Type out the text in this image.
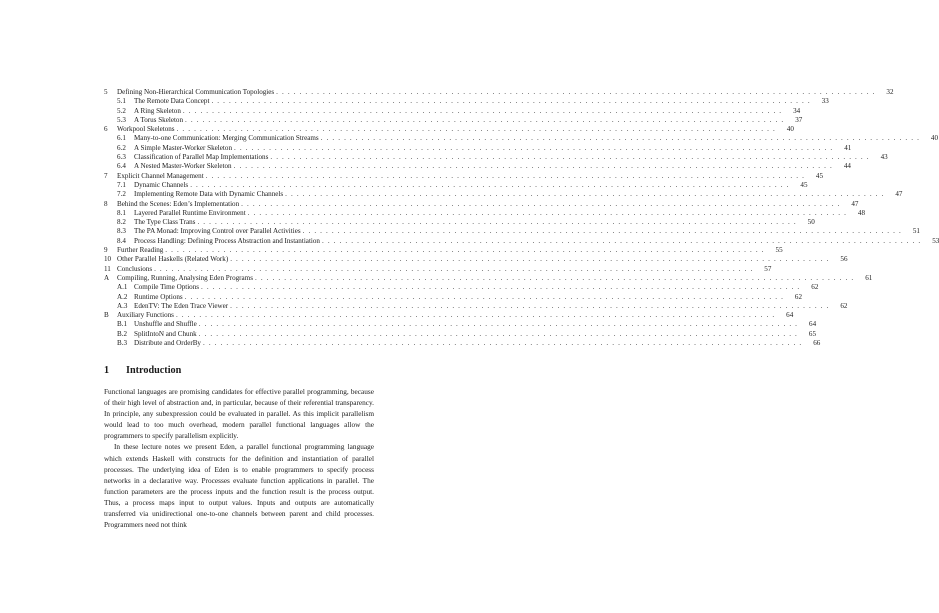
5	Defining Non-Hierarchical Communication Topologies . . .	32
5.1	The Remote Data Concept . . .	33
5.2	A Ring Skeleton . . .	34
5.3	A Torus Skeleton . . .	37
6	Workpool Skeletons . . .	40
6.1	Many-to-one Communication: Merging Communication Streams . . .	40
6.2	A Simple Master-Worker Skeleton . . .	41
6.3	Classification of Parallel Map Implementations . . .	43
6.4	A Nested Master-Worker Skeleton . . .	44
7	Explicit Channel Management . . .	45
7.1	Dynamic Channels . . .	45
7.2	Implementing Remote Data with Dynamic Channels . . .	47
8	Behind the Scenes: Eden’s Implementation . . .	47
8.1	Layered Parallel Runtime Environment . . .	48
8.2	The Type Class Trans . . .	50
8.3	The PA Monad: Improving Control over Parallel Activities . . .	51
8.4	Process Handling: Defining Process Abstraction and Instantiation . . .	53
9	Further Reading . . .	55
10 Other Parallel Haskells (Related Work) . . .	56
11 Conclusions . . .	57
A	Compiling, Running, Analysing Eden Programs . . .	61
A.1 Compile Time Options . . .	62
A.2 Runtime Options . . .	62
A.3 EdenTV: The Eden Trace Viewer . . .	62
B	Auxiliary Functions . . .	64
B.1 Unshuffle and Shuffle . . .	64
B.2 SplitIntoN and Chunk . . .	65
B.3 Distribute and OrderBy . . .	66
1	Introduction

Functional languages are promising candidates for effective parallel programming, because of their high level of abstraction and, in particular, because of their referential transparency. In principle, any subexpression could be evaluated in parallel. As this implicit parallelism would lead to too much overhead, modern parallel functional languages allow the programmers to specify parallelism explicitly.

In these lecture notes we present Eden, a parallel functional programming language which extends Haskell with constructs for the definition and instantiation of parallel processes. The underlying idea of Eden is to enable programmers to specify process networks in a declarative way. Processes evaluate function applications in parallel. The function parameters are the process inputs and the function result is the process output. Thus, a process maps input to output values. Inputs and outputs are automatically transferred via unidirectional one-to-one channels between parent and child processes. Programmers need not think
